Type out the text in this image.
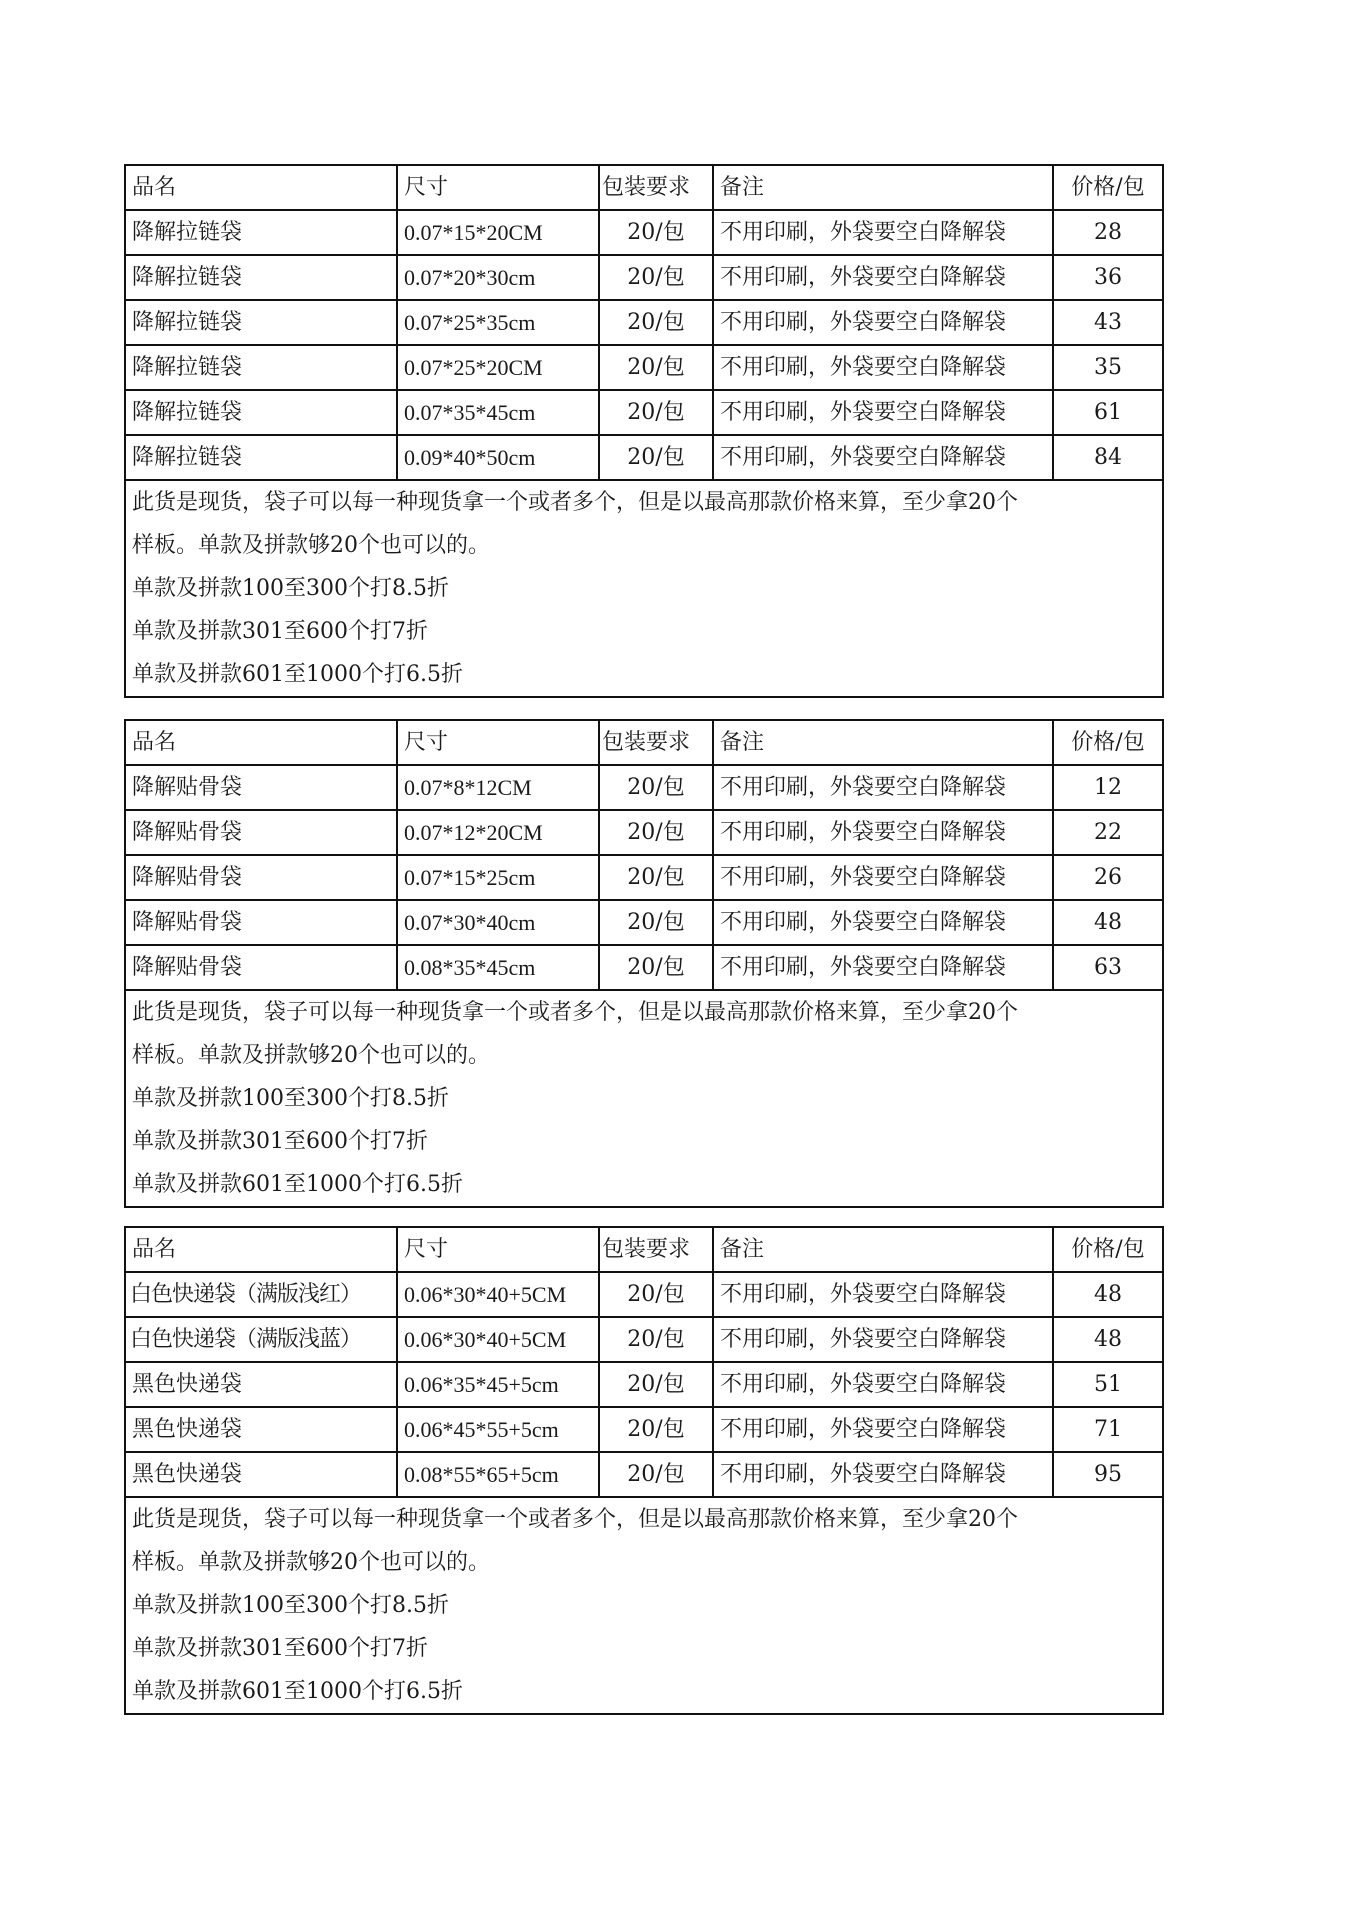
品名	尺寸	包装要求	备注	价格/包
降解拉链袋	0.07*15*20CM	20/包	不用印刷，外袋要空白降解袋	28
降解拉链袋	0.07*20*30cm	20/包	不用印刷，外袋要空白降解袋	36
降解拉链袋	0.07*25*35cm	20/包	不用印刷，外袋要空白降解袋	43
降解拉链袋	0.07*25*20CM	20/包	不用印刷，外袋要空白降解袋	35
降解拉链袋	0.07*35*45cm	20/包	不用印刷，外袋要空白降解袋	61
降解拉链袋	0.09*40*50cm	20/包	不用印刷，外袋要空白降解袋	84

此货是现货，袋子可以每一种现货拿一个或者多个，但是以最高那款价格来算，至少拿20个
样板。单款及拼款够20个也可以的。
单款及拼款100至300个打8.5折
单款及拼款301至600个打7折
单款及拼款601至1000个打6.5折				
品名	尺寸	包装要求	备注	价格/包
降解贴骨袋	0.07*8*12CM	20/包	不用印刷，外袋要空白降解袋	12
降解贴骨袋	0.07*12*20CM	20/包	不用印刷，外袋要空白降解袋	22
降解贴骨袋	0.07*15*25cm	20/包	不用印刷，外袋要空白降解袋	26
降解贴骨袋	0.07*30*40cm	20/包	不用印刷，外袋要空白降解袋	48
降解贴骨袋	0.08*35*45cm	20/包	不用印刷，外袋要空白降解袋	63

此货是现货，袋子可以每一种现货拿一个或者多个，但是以最高那款价格来算，至少拿20个
样板。单款及拼款够20个也可以的。
单款及拼款100至300个打8.5折
单款及拼款301至600个打7折
单款及拼款601至1000个打6.5折				
品名	尺寸	包装要求	备注	价格/包
白色快递袋（满版浅红）	0.06*30*40+5CM	20/包	不用印刷，外袋要空白降解袋	48
白色快递袋（满版浅蓝）	0.06*30*40+5CM	20/包	不用印刷，外袋要空白降解袋	48
黑色快递袋	0.06*35*45+5cm	20/包	不用印刷，外袋要空白降解袋	51
黑色快递袋	0.06*45*55+5cm	20/包	不用印刷，外袋要空白降解袋	71
黑色快递袋	0.08*55*65+5cm	20/包	不用印刷，外袋要空白降解袋	95

此货是现货，袋子可以每一种现货拿一个或者多个，但是以最高那款价格来算，至少拿20个
样板。单款及拼款够20个也可以的。
单款及拼款100至300个打8.5折
单款及拼款301至600个打7折
单款及拼款601至1000个打6.5折				
